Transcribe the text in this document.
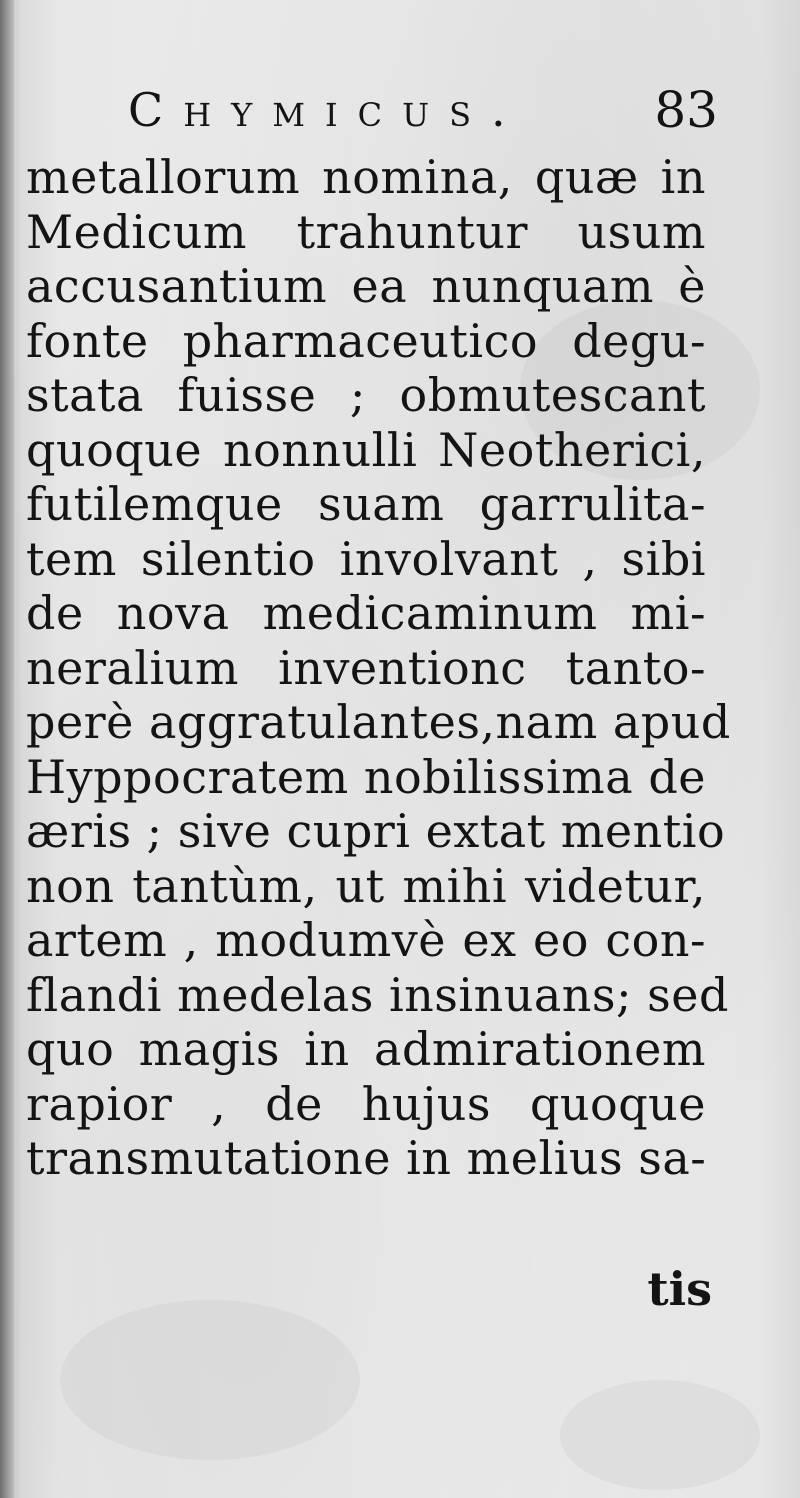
Chymicus.	83
metallorum nomina, quæ in
Medicum trahuntur usum
accusantium ea nunquam è
fonte pharmaceutico degu-
stata fuisse ; obmutescant
quoque nonnulli Neotherici,
futilemque suam garrulita-
tem silentio involvant , sibi
de nova medicaminum mi-
neralium inventionc tanto-
perè aggratulantes,nam apud
Hyppocratem nobilissima de
æris ; sive cupri extat mentio
non tantùm, ut mihi videtur,
artem , modumvè ex eo con-
flandi medelas insinuans; sed
quo magis in admirationem
rapior , de hujus quoque
transmutatione in melius sa-
tis
